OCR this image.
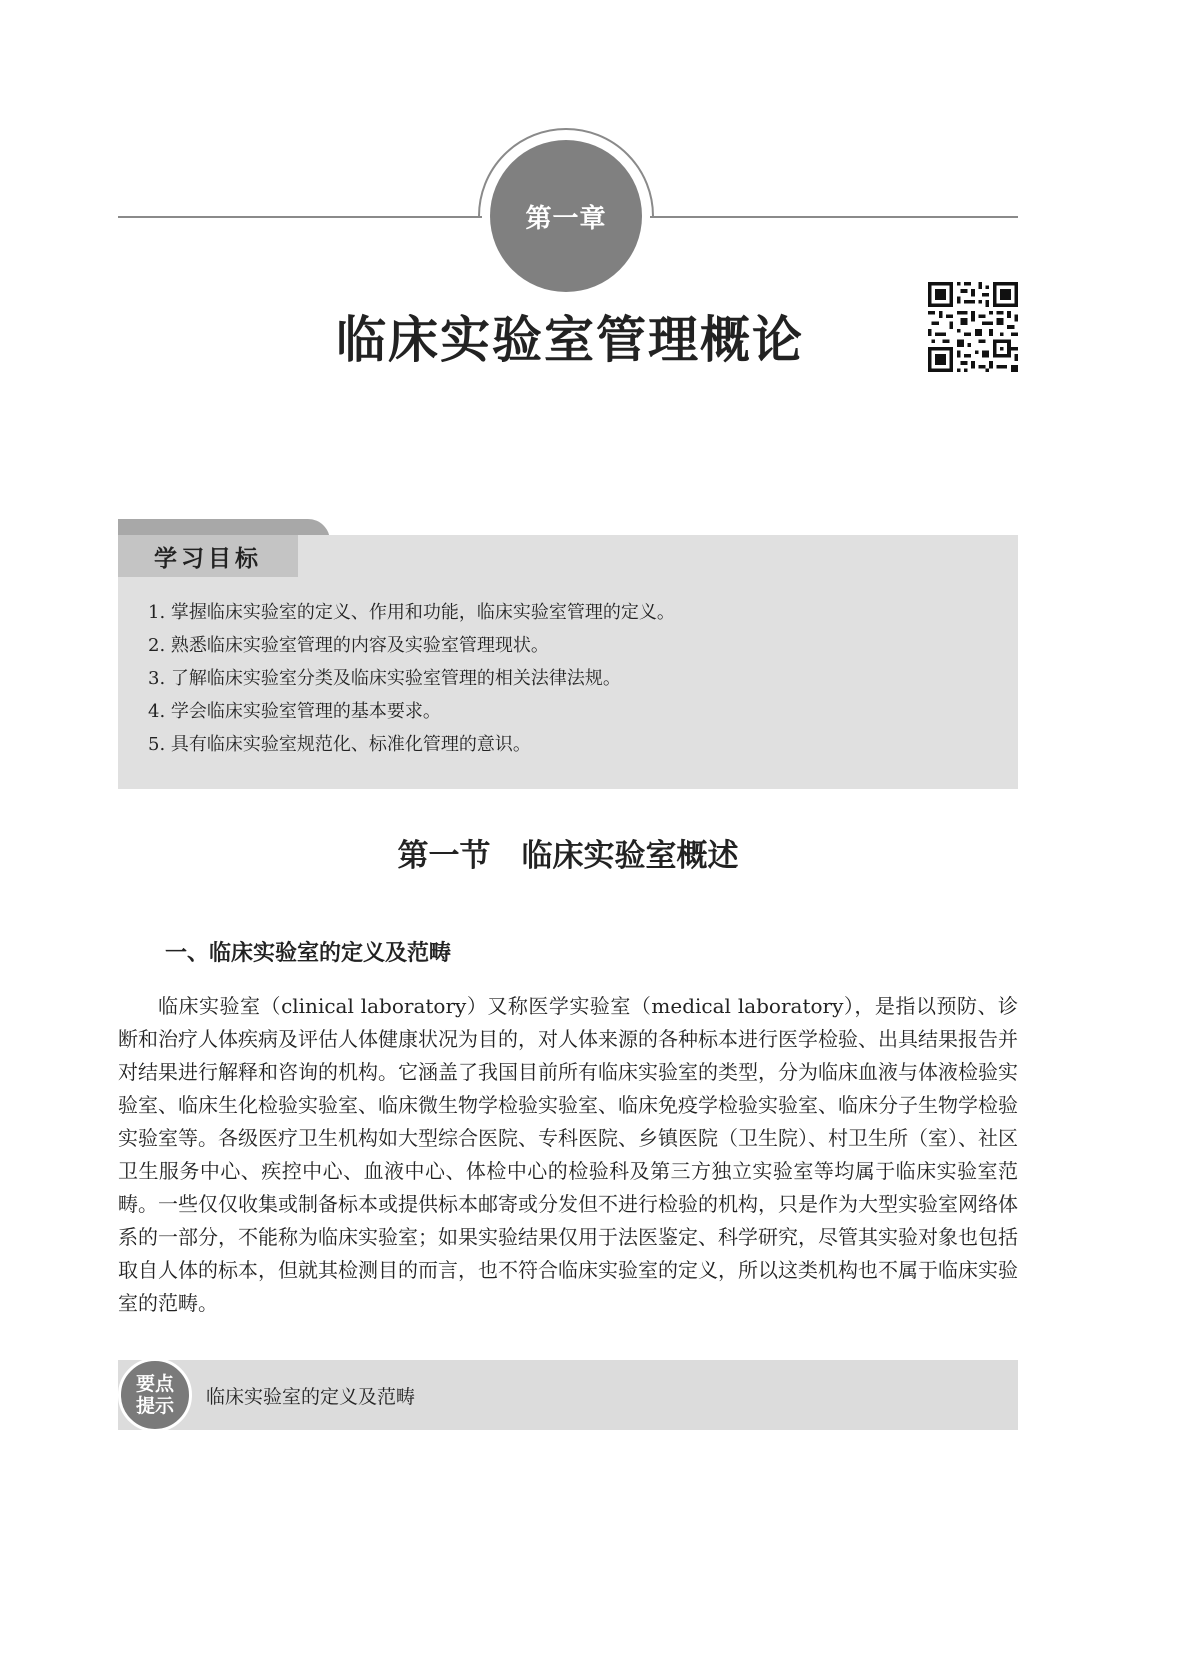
第一章
临床实验室管理概论
学习目标
1. 掌握临床实验室的定义、作用和功能，临床实验室管理的定义。
2. 熟悉临床实验室管理的内容及实验室管理现状。
3. 了解临床实验室分类及临床实验室管理的相关法律法规。
4. 学会临床实验室管理的基本要求。
5. 具有临床实验室规范化、标准化管理的意识。
第一节　临床实验室概述
一、临床实验室的定义及范畴

临床实验室（clinical laboratory）又称医学实验室（medical laboratory），是指以预防、诊断和治疗人体疾病及评估人体健康状况为目的，对人体来源的各种标本进行医学检验、出具结果报告并对结果进行解释和咨询的机构。它涵盖了我国目前所有临床实验室的类型，分为临床血液与体液检验实验室、临床生化检验实验室、临床微生物学检验实验室、临床免疫学检验实验室、临床分子生物学检验实验室等。各级医疗卫生机构如大型综合医院、专科医院、乡镇医院（卫生院）、村卫生所（室）、社区卫生服务中心、疾控中心、血液中心、体检中心的检验科及第三方独立实验室等均属于临床实验室范畴。一些仅仅收集或制备标本或提供标本邮寄或分发但不进行检验的机构，只是作为大型实验室网络体系的一部分，不能称为临床实验室；如果实验结果仅用于法医鉴定、科学研究，尽管其实验对象也包括取自人体的标本，但就其检测目的而言，也不符合临床实验室的定义，所以这类机构也不属于临床实验室的范畴。

要点
提示 临床实验室的定义及范畴
